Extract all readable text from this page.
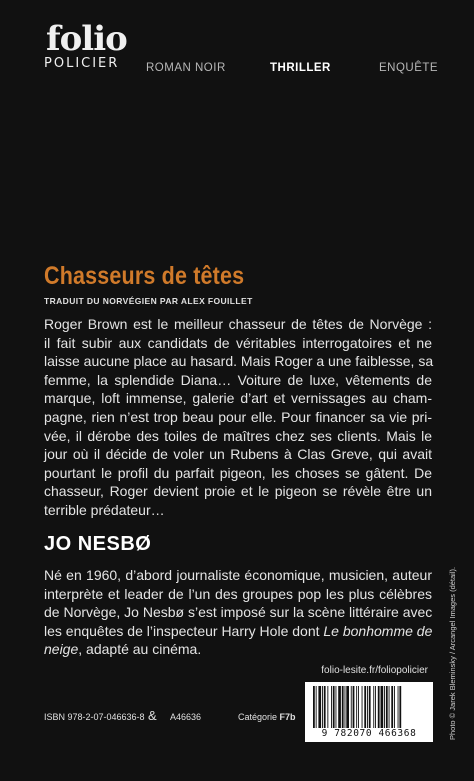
folio
POLICIER	ROMAN NOIR	THRILLER	ENQUÊTE
Chasseurs de têtes
TRADUIT DU NORVÉGIEN PAR ALEX FOUILLET
Roger Brown est le meilleur chasseur de têtes de Norvège :
il fait subir aux candidats de véritables interrogatoires et ne
laisse aucune place au hasard. Mais Roger a une faiblesse, sa
femme, la splendide Diana… Voiture de luxe, vêtements de
marque, loft immense, galerie d’art et vernissages au cham-
pagne, rien n’est trop beau pour elle. Pour financer sa vie pri-
vée, il dérobe des toiles de maîtres chez ses clients. Mais le
jour où il décide de voler un Rubens à Clas Greve, qui avait
pourtant le profil du parfait pigeon, les choses se gâtent. De
chasseur, Roger devient proie et le pigeon se révèle être un
terrible prédateur…
JO NESBØ
Né en 1960, d’abord journaliste économique, musicien, auteur
interprète et leader de l’un des groupes pop les plus célèbres
de Norvège, Jo Nesbø s’est imposé sur la scène littéraire avec
les enquêtes de l’inspecteur Harry Hole dont Le bonhomme de
neige, adapté au cinéma.
folio-lesite.fr/foliopolicier	Photo © Jarek Bleminsky / Arcangel Images (détail).
ISBN 978-2-07-046636-8 & A46636	Catégorie F7b
9 782070 466368
